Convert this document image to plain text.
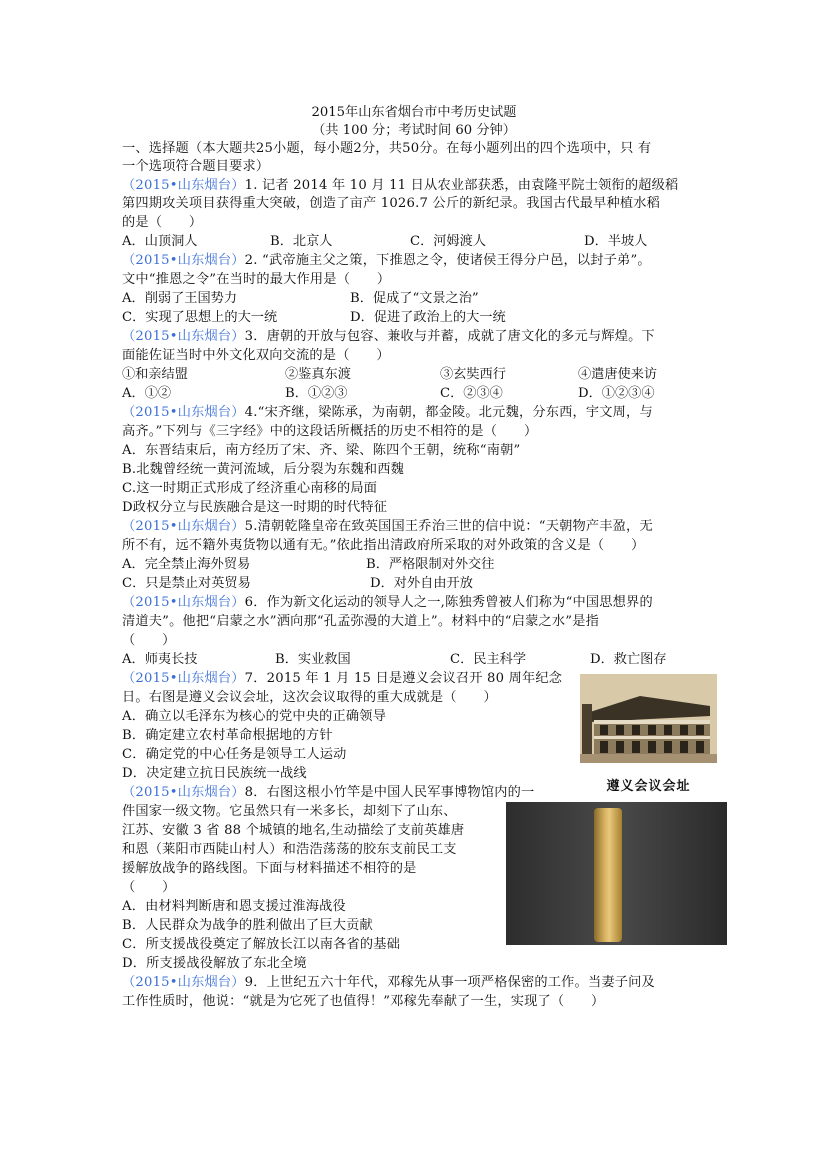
2015年山东省烟台市中考历史试题
（共 100 分；考试时间 60 分钟）
一、选择题（本大题共25小题，每小题2分，共50分。在每小题列出的四个选项中，只 有
一个选项符合题目要求）
（2015•山东烟台）1. 记者 2014 年 10 月 11 日从农业部获悉，由袁隆平院士领衔的超级稻
第四期攻关项目获得重大突破，创造了亩产 1026.7 公斤的新纪录。我国古代最早种植水稻
的是（　　）
A．山顶洞人	B．北京人	C．河姆渡人	D．半坡人
（2015•山东烟台）2. “武帝施主父之策，下推恩之令，使诸侯王得分户邑，以封子弟”。
文中“推恩之令”在当时的最大作用是（　　）
A．削弱了王国势力	B．促成了“文景之治”
C．实现了思想上的大一统	D．促进了政治上的大一统
（2015•山东烟台）3．唐朝的开放与包容、兼收与并蓄，成就了唐文化的多元与辉煌。下
面能佐证当时中外文化双向交流的是（　　）
①和亲结盟	②鉴真东渡	③玄奘西行	④遣唐使来访
A．①②	B．①②③	C．②③④	D．①②③④
（2015•山东烟台）4.“宋齐继，梁陈承，为南朝，都金陵。北元魏，分东西，宇文周，与
高齐。”下列与《三字经》中的这段话所概括的历史不相符的是（　　）
A．东晋结束后，南方经历了宋、齐、梁、陈四个王朝，统称“南朝”
B.北魏曾经统一黄河流域，后分裂为东魏和西魏
C.这一时期正式形成了经济重心南移的局面
D政权分立与民族融合是这一时期的时代特征
（2015•山东烟台）5.清朝乾隆皇帝在致英国国王乔治三世的信中说：“天朝物产丰盈，无
所不有，远不籍外夷货物以通有无。”依此指出清政府所采取的对外政策的含义是（　　）
A．完全禁止海外贸易	B．严格限制对外交往
C．只是禁止对英贸易	D．对外自由开放
（2015•山东烟台）6．作为新文化运动的领导人之一,陈独秀曾被人们称为“中国思想界的
清道夫”。他把“启蒙之水”洒向那“孔孟弥漫的大道上”。材料中的“启蒙之水”是指
（　　）
A．师夷长技	B．实业救国	C．民主科学	D．救亡图存
（2015•山东烟台）7．2015 年 1 月 15 日是遵义会议召开 80 周年纪念
日。右图是遵义会议会址，这次会议取得的重大成就是（　　）
A．确立以毛泽东为核心的党中央的正确领导
B．确定建立农村革命根据地的方针
C．确定党的中心任务是领导工人运动
D．决定建立抗日民族统一战线
遵义会议会址
（2015•山东烟台）8．右图这根小竹竿是中国人民军事博物馆内的一
件国家一级文物。它虽然只有一米多长，却刻下了山东、
江苏、安徽 3 省 88 个城镇的地名,生动描绘了支前英雄唐
和恩（莱阳市西陡山村人）和浩浩荡荡的胶东支前民工支
援解放战争的路线图。下面与材料描述不相符的是
（　　）
A．由材料判断唐和恩支援过淮海战役
B．人民群众为战争的胜利做出了巨大贡献
C．所支援战役奠定了解放长江以南各省的基础
D．所支援战役解放了东北全境
（2015•山东烟台）9．上世纪五六十年代，邓稼先从事一项严格保密的工作。当妻子问及
工作性质时，他说：“就是为它死了也值得！”邓稼先奉献了一生，实现了（　　）
